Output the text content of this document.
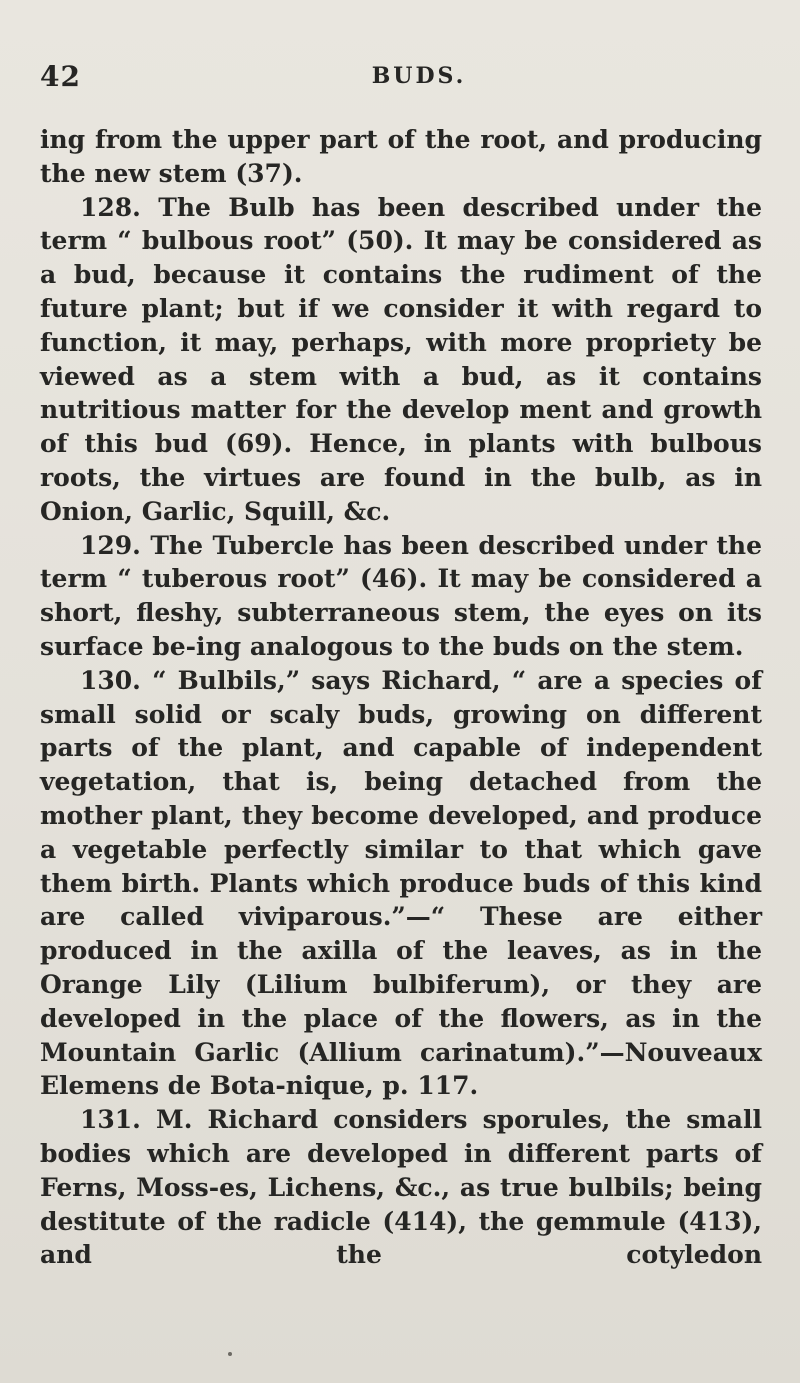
42	BUDS.

ing from the upper part of the root, and producing the new stem (37).

128. The Bulb has been described under the term “ bulbous root” (50). It may be considered as a bud, because it contains the rudiment of the future plant; but if we consider it with regard to function, it may, perhaps, with more propriety be viewed as a stem with a bud, as it contains nutritious matter for the develop ment and growth of this bud (69). Hence, in plants with bulbous roots, the virtues are found in the bulb, as in Onion, Garlic, Squill, &c.

129. The Tubercle has been described under the term “ tuberous root” (46). It may be considered a short, fleshy, subterraneous stem, the eyes on its surface be-ing analogous to the buds on the stem.

130. “ Bulbils,” says Richard, “ are a species of small solid or scaly buds, growing on different parts of the plant, and capable of independent vegetation, that is, being detached from the mother plant, they become developed, and produce a vegetable perfectly similar to that which gave them birth. Plants which produce buds of this kind are called viviparous.”—“ These are either produced in the axilla of the leaves, as in the Orange Lily (Lilium bulbiferum), or they are developed in the place of the flowers, as in the Mountain Garlic (Allium carinatum).”—Nouveaux Elemens de Bota-nique, p. 117.

131. M. Richard considers sporules, the small bodies which are developed in different parts of Ferns, Moss-es, Lichens, &c., as true bulbils; being destitute of the radicle (414), the gemmule (413), and the cotyledon
